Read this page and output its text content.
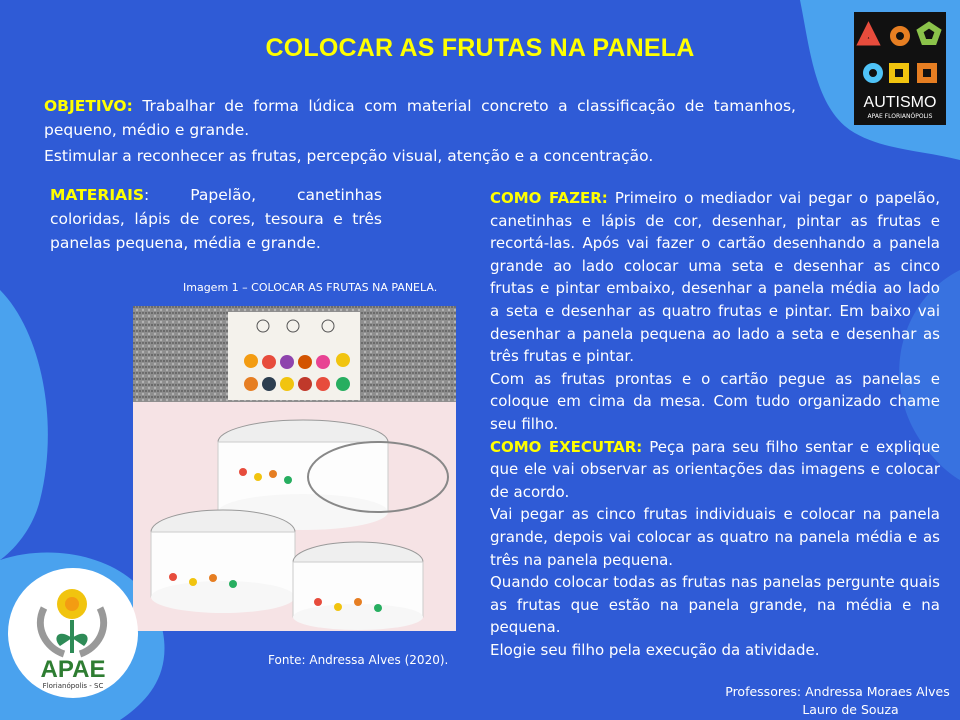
COLOCAR AS FRUTAS NA PANELA
OBJETIVO: Trabalhar de forma lúdica com material concreto a classificação de tamanhos, pequeno, médio e grande.
Estimular a reconhecer as frutas, percepção visual, atenção e a concentração.
MATERIAIS: Papelão, canetinhas coloridas, lápis de cores, tesoura e três panelas pequena, média e grande.
Imagem 1 – COLOCAR AS FRUTAS NA PANELA.
Fonte: Andressa Alves (2020).
COMO FAZER: Primeiro o mediador vai pegar o papelão, canetinhas e lápis de cor, desenhar, pintar as frutas e recortá-las. Após vai fazer o cartão desenhando a panela grande ao lado colocar uma seta e desenhar as cinco frutas e pintar embaixo, desenhar a panela média ao lado a seta e desenhar as quatro frutas e pintar. Em baixo vai desenhar a panela pequena ao lado a seta e desenhar as três frutas e pintar.
Com as frutas prontas e o cartão pegue as panelas e coloque em cima da mesa. Com tudo organizado chame seu filho.
COMO EXECUTAR: Peça para seu filho sentar e explique que ele vai observar as orientações das imagens e colocar de acordo.
Vai pegar as cinco frutas individuais e colocar na panela grande, depois vai colocar as quatro na panela média e as três na panela pequena.
Quando colocar todas as frutas nas panelas pergunte quais as frutas que estão na panela grande, na média e na pequena.
Elogie seu filho pela execução da atividade.
Professores: Andressa Moraes Alves
Lauro de Souza
AUTISMO
APAE FLORIANÓPOLIS
APAE
Florianópolis - SC
